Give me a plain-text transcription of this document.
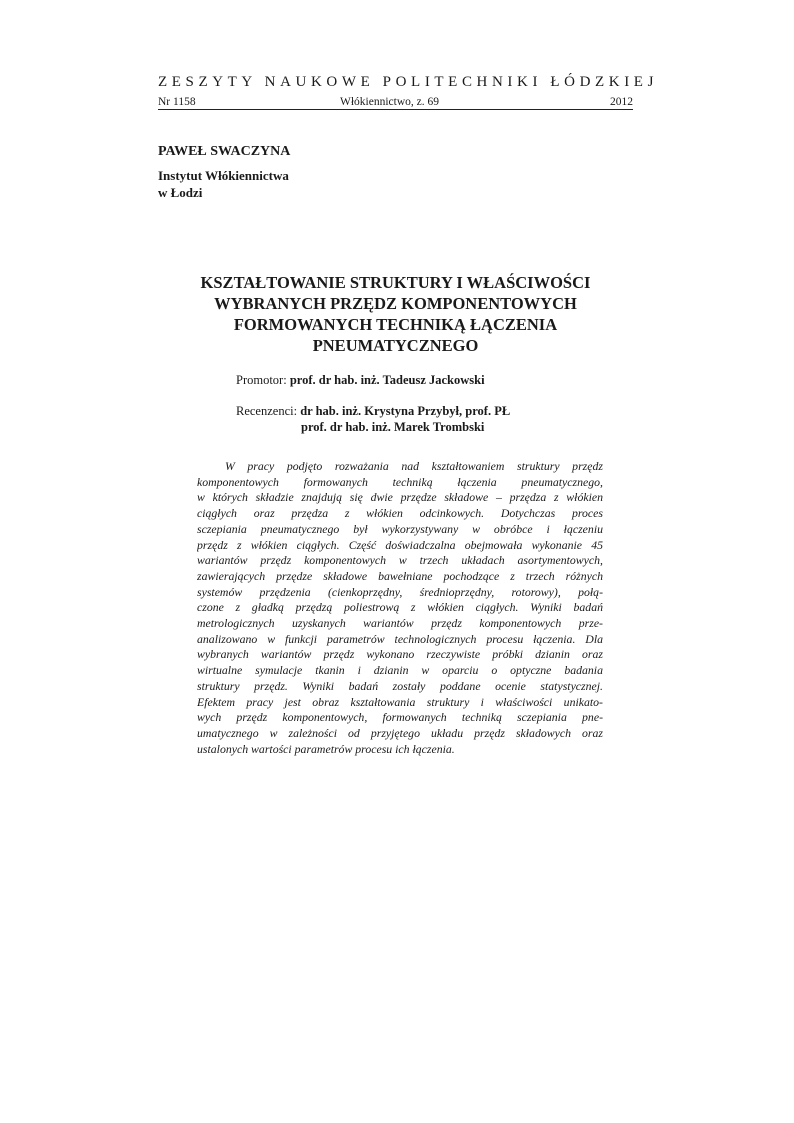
ZESZYTY NAUKOWE POLITECHNIKI ŁÓDZKIEJ
Nr 1158	Włókiennictwo, z. 69	2012
PAWEŁ SWACZYNA
Instytut Włókiennictwa
w Łodzi
KSZTAŁTOWANIE STRUKTURY I WŁAŚCIWOŚCI
WYBRANYCH PRZĘDZ KOMPONENTOWYCH
FORMOWANYCH TECHNIKĄ ŁĄCZENIA
PNEUMATYCZNEGO
Promotor: prof. dr hab. inż. Tadeusz Jackowski
Recenzenci: dr hab. inż. Krystyna Przybył, prof. PŁ
prof. dr hab. inż. Marek Trombski
W pracy podjęto rozważania nad kształtowaniem struktury przędz
komponentowych formowanych techniką łączenia pneumatycznego,
w których składzie znajdują się dwie przędze składowe – przędza z włókien
ciągłych oraz przędza z włókien odcinkowych. Dotychczas proces
sczepiania pneumatycznego był wykorzystywany w obróbce i łączeniu
przędz z włókien ciągłych. Część doświadczalna obejmowała wykonanie 45
wariantów przędz komponentowych w trzech układach asortymentowych,
zawierających przędze składowe bawełniane pochodzące z trzech różnych
systemów przędzenia (cienkoprzędny, średnioprzędny, rotorowy), połą-
czone z gładką przędzą poliestrową z włókien ciągłych. Wyniki badań
metrologicznych uzyskanych wariantów przędz komponentowych prze-
analizowano w funkcji parametrów technologicznych procesu łączenia. Dla
wybranych wariantów przędz wykonano rzeczywiste próbki dzianin oraz
wirtualne symulacje tkanin i dzianin w oparciu o optyczne badania
struktury przędz. Wyniki badań zostały poddane ocenie statystycznej.
Efektem pracy jest obraz kształtowania struktury i właściwości unikato-
wych przędz komponentowych, formowanych techniką sczepiania pne-
umatycznego w zależności od przyjętego układu przędz składowych oraz
ustalonych wartości parametrów procesu ich łączenia.
